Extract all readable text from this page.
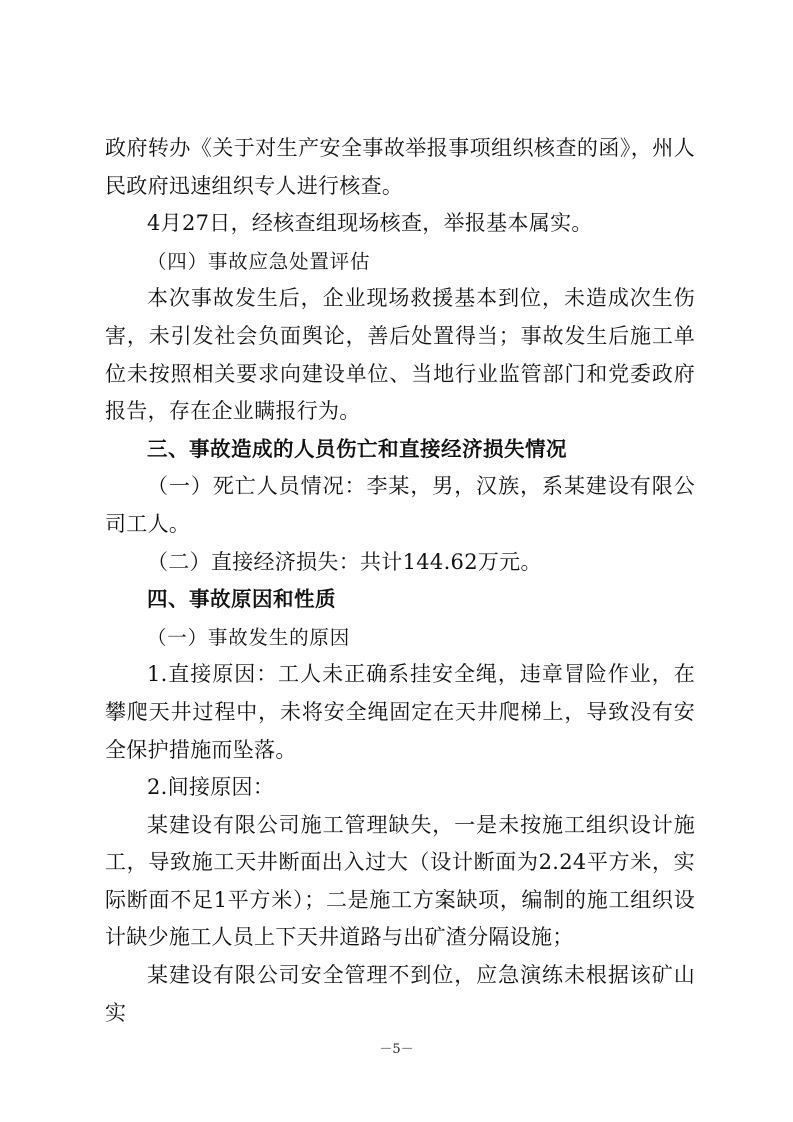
政府转办《关于对生产安全事故举报事项组织核查的函》，州人民政府迅速组织专人进行核查。

4月27日，经核查组现场核查，举报基本属实。

（四）事故应急处置评估

本次事故发生后，企业现场救援基本到位，未造成次生伤害，未引发社会负面舆论，善后处置得当；事故发生后施工单位未按照相关要求向建设单位、当地行业监管部门和党委政府报告，存在企业瞒报行为。

三、事故造成的人员伤亡和直接经济损失情况

（一）死亡人员情况：李某，男，汉族，系某建设有限公司工人。

（二）直接经济损失：共计144.62万元。

四、事故原因和性质

（一）事故发生的原因

1.直接原因：工人未正确系挂安全绳，违章冒险作业，在攀爬天井过程中，未将安全绳固定在天井爬梯上，导致没有安全保护措施而坠落。

2.间接原因：

某建设有限公司施工管理缺失，一是未按施工组织设计施工，导致施工天井断面出入过大（设计断面为2.24平方米，实际断面不足1平方米）；二是施工方案缺项，编制的施工组织设计缺少施工人员上下天井道路与出矿渣分隔设施；

某建设有限公司安全管理不到位，应急演练未根据该矿山实

－5－
